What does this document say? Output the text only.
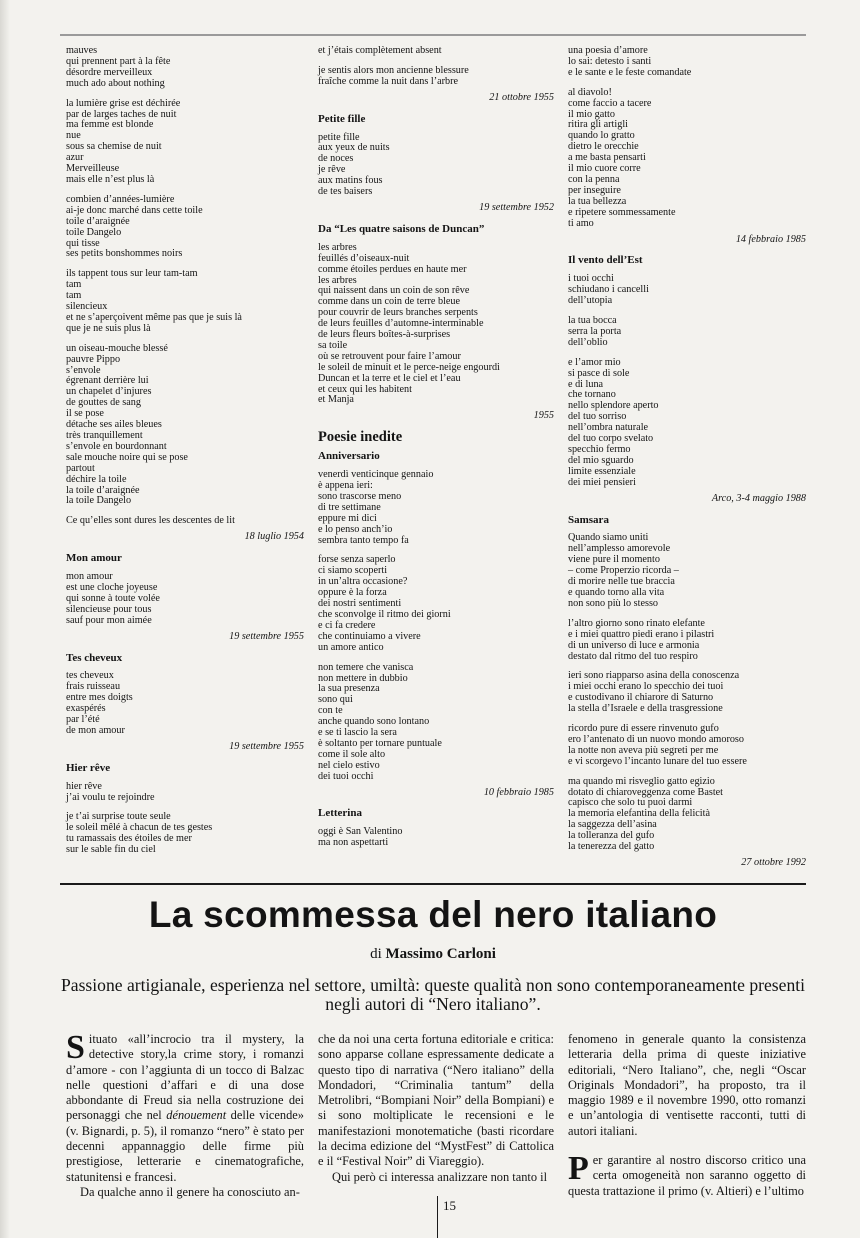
mauves
qui prennent part à la fête
désordre merveilleux
much ado about nothing
la lumière grise est déchirée
par de larges taches de nuit
ma femme est blonde
nue
sous sa chemise de nuit
azur
Merveilleuse
mais elle n’est plus là
combien d’années-lumière
ai-je donc marché dans cette toile
toile d’araignée
toile Dangelo
qui tisse
ses petits bonshommes noirs
ils tappent tous sur leur tam-tam
tam
tam
silencieux
et ne s’aperçoivent même pas que je suis là
que je ne suis plus là
un oiseau-mouche blessé
pauvre Pippo
s’envole
égrenant derrière lui
un chapelet d’injures
de gouttes de sang
il se pose
détache ses ailes bleues
très tranquillement
s’envole en bourdonnant
sale mouche noire qui se pose
partout
déchire la toile
la toile d’araignée
la toile Dangelo
Ce qu’elles sont dures les descentes de lit
18 luglio 1954
Mon amour
mon amour
est une cloche joyeuse
qui sonne à toute volée
silencieuse pour tous
sauf pour mon aimée
19 settembre 1955
Tes cheveux
tes cheveux
frais ruisseau
entre mes doigts
exaspérés
par l’été
de mon amour
19 settembre 1955
Hier rêve
hier rêve
j’ai voulu te rejoindre
je t’ai surprise toute seule
le soleil mêlé à chacun de tes gestes
tu ramassais des étoiles de mer
sur le sable fin du ciel
et j’étais complètement absent
je sentis alors mon ancienne blessure
fraîche comme la nuit dans l’arbre
21 ottobre 1955
Petite fille
petite fille
aux yeux de nuits
de noces
je rêve
aux matins fous
de tes baisers
19 settembre 1952
Da “Les quatre saisons de Duncan”
les arbres
feuillés d’oiseaux-nuit
comme étoiles perdues en haute mer
les arbres
qui naissent dans un coin de son rêve
comme dans un coin de terre bleue
pour couvrir de leurs branches serpents
de leurs feuilles d’automne-interminable
de leurs fleurs boîtes-à-surprises
sa toile
où se retrouvent pour faire l’amour
le soleil de minuit et le perce-neige engourdi
Duncan et la terre et le ciel et l’eau
et ceux qui les habitent
et Manja
1955
Poesie inedite
Anniversario
venerdì venticinque gennaio
è appena ieri:
sono trascorse meno
di tre settimane
eppure mi dici
e lo penso anch’io
sembra tanto tempo fa
forse senza saperlo
ci siamo scoperti
in un’altra occasione?
oppure è la forza
dei nostri sentimenti
che sconvolge il ritmo dei giorni
e ci fa credere
che continuiamo a vivere
un amore antico
non temere che vanisca
non mettere in dubbio
la sua presenza
sono qui
con te
anche quando sono lontano
e se ti lascio la sera
è soltanto per tornare puntuale
come il sole alto
nel cielo estivo
dei tuoi occhi
10 febbraio 1985
Letterina
oggi è San Valentino
ma non aspettarti
una poesia d’amore
lo sai: detesto i santi
e le sante e le feste comandate
al diavolo!
come faccio a tacere
il mio gatto
ritira gli artigli
quando lo gratto
dietro le orecchie
a me basta pensarti
il mio cuore corre
con la penna
per inseguire
la tua bellezza
e ripetere sommessamente
ti amo
14 febbraio 1985
Il vento dell’Est
i tuoi occhi
schiudano i cancelli
dell’utopia
la tua bocca
serra la porta
dell’oblio
e l’amor mio
si pasce di sole
e di luna
che tornano
nello splendore aperto
del tuo sorriso
nell’ombra naturale
del tuo corpo svelato
specchio fermo
del mio sguardo
limite essenziale
dei miei pensieri
Arco, 3-4 maggio 1988
Samsara
Quando siamo uniti
nell’amplesso amorevole
viene pure il momento
– come Properzio ricorda –
di morire nelle tue braccia
e quando torno alla vita
non sono più lo stesso
l’altro giorno sono rinato elefante
e i miei quattro piedi erano i pilastri
di un universo di luce e armonia
destato dal ritmo del tuo respiro
ieri sono riapparso asina della conoscenza
i miei occhi erano lo specchio dei tuoi
e custodivano il chiarore di Saturno
la stella d’Israele e della trasgressione
ricordo pure di essere rinvenuto gufo
ero l’antenato di un nuovo mondo amoroso
la notte non aveva più segreti per me
e vi scorgevo l’incanto lunare del tuo essere
ma quando mi risveglio gatto egizio
dotato di chiaroveggenza come Bastet
capisco che solo tu puoi darmi
la memoria elefantina della felicità
la saggezza dell’asina
la tolleranza del gufo
la tenerezza del gatto
27 ottobre 1992
La scommessa del nero italiano
di Massimo Carloni
Passione artigianale, esperienza nel settore, umiltà: queste qualità non sono contemporaneamente presenti negli autori di “Nero italiano”.
Situato «all’incrocio tra il mystery, la detective story,la crime story, i romanzi d’amore - con l’aggiunta di un tocco di Balzac nelle questioni d’affari e di una dose abbondante di Freud sia nella costruzione dei personaggi che nel dénouement delle vicende» (v. Bignardi, p. 5), il romanzo “nero” è stato per decenni appannaggio delle firme più prestigiose, letterarie e cinematografiche, statunitensi e francesi.
Da qualche anno il genere ha conosciuto an-
che da noi una certa fortuna editoriale e critica: sono apparse collane espressamente dedicate a questo tipo di narrativa (“Nero italiano” della Mondadori, “Criminalia tantum” della Metrolibri, “Bompiani Noir” della Bompiani) e si sono moltiplicate le recensioni e le manifestazioni monotematiche (basti ricordare la decima edizione del “MystFest” di Cattolica e il “Festival Noir” di Viareggio).
Qui però ci interessa analizzare non tanto il
fenomeno in generale quanto la consistenza letteraria della prima di queste iniziative editoriali, “Nero Italiano”, che, negli “Oscar Originals Mondadori”, ha proposto, tra il maggio 1989 e il novembre 1990, otto romanzi e un’antologia di ventisette racconti, tutti di autori italiani.
Per garantire al nostro discorso critico una certa omogeneità non saranno oggetto di questa trattazione il primo (v. Altieri) e l’ultimo
15
